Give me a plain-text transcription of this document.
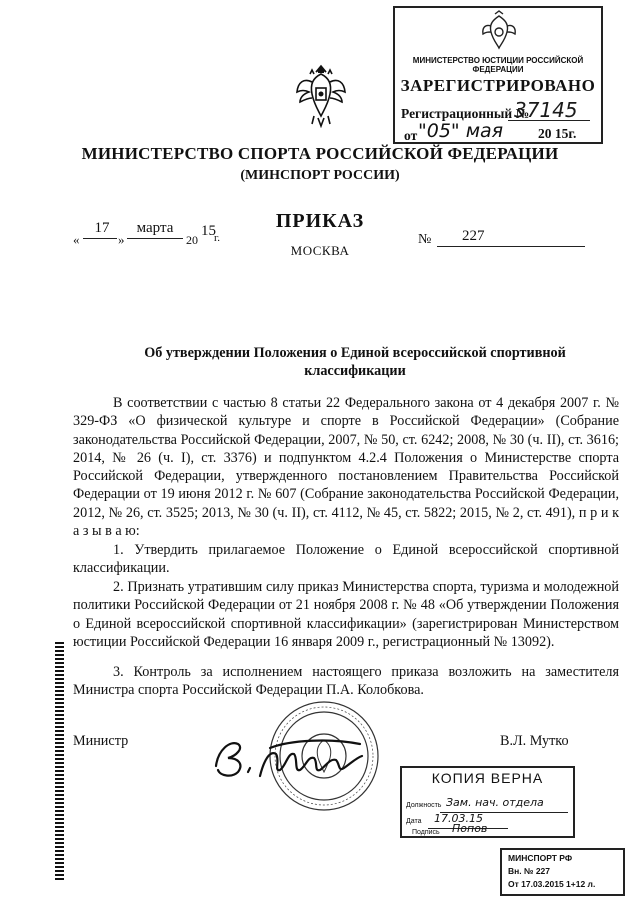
МИНИСТЕРСТВО ЮСТИЦИИ РОССИЙСКОЙ ФЕДЕРАЦИИ
ЗАРЕГИСТРИРОВАНО
Регистрационный №
37145
от "05" мая	20 15г.
МИНИСТЕРСТВО СПОРТА РОССИЙСКОЙ ФЕДЕРАЦИИ
(МИНСПОРТ РОССИИ)
ПРИКАЗ
МОСКВА
«
17
»
марта
20
15
г.	№ 227
Об утверждении Положения о Единой всероссийской спортивной классификации
В соответствии с частью 8 статьи 22 Федерального закона от 4 декабря 2007 г. № 329-ФЗ «О физической культуре и спорте в Российской Федерации» (Собрание законодательства Российской Федерации, 2007, № 50, ст. 6242; 2008, № 30 (ч. II), ст. 3616; 2014, № 26 (ч. I), ст. 3376) и подпунктом 4.2.4 Положения о Министерстве спорта Российской Федерации, утвержденного постановлением Правительства Российской Федерации от 19 июня 2012 г. № 607 (Собрание законодательства Российской Федерации, 2012, № 26, ст. 3525; 2013, № 30 (ч. II), ст. 4112, № 45, ст. 5822; 2015, № 2, ст. 491), п р и к а з ы в а ю:
1. Утвердить прилагаемое Положение о Единой всероссийской спортивной классификации.
2. Признать утратившим силу приказ Министерства спорта, туризма и молодежной политики Российской Федерации от 21 ноября 2008 г. № 48 «Об утверждении Положения о Единой всероссийской спортивной классификации» (зарегистрирован Министерством юстиции Российской Федерации 16 января 2009 г., регистрационный № 13092).
3. Контроль за исполнением настоящего приказа возложить на заместителя Министра спорта Российской Федерации П.А. Колобкова.
Министр	В.Л. Мутко
КОПИЯ ВЕРНА
Должность Зам. нач. отдела
Дата 17.03.15
Подпись Попов
МИНСПОРТ РФ
Вн. № 227
От 17.03.2015 1+12 л.
